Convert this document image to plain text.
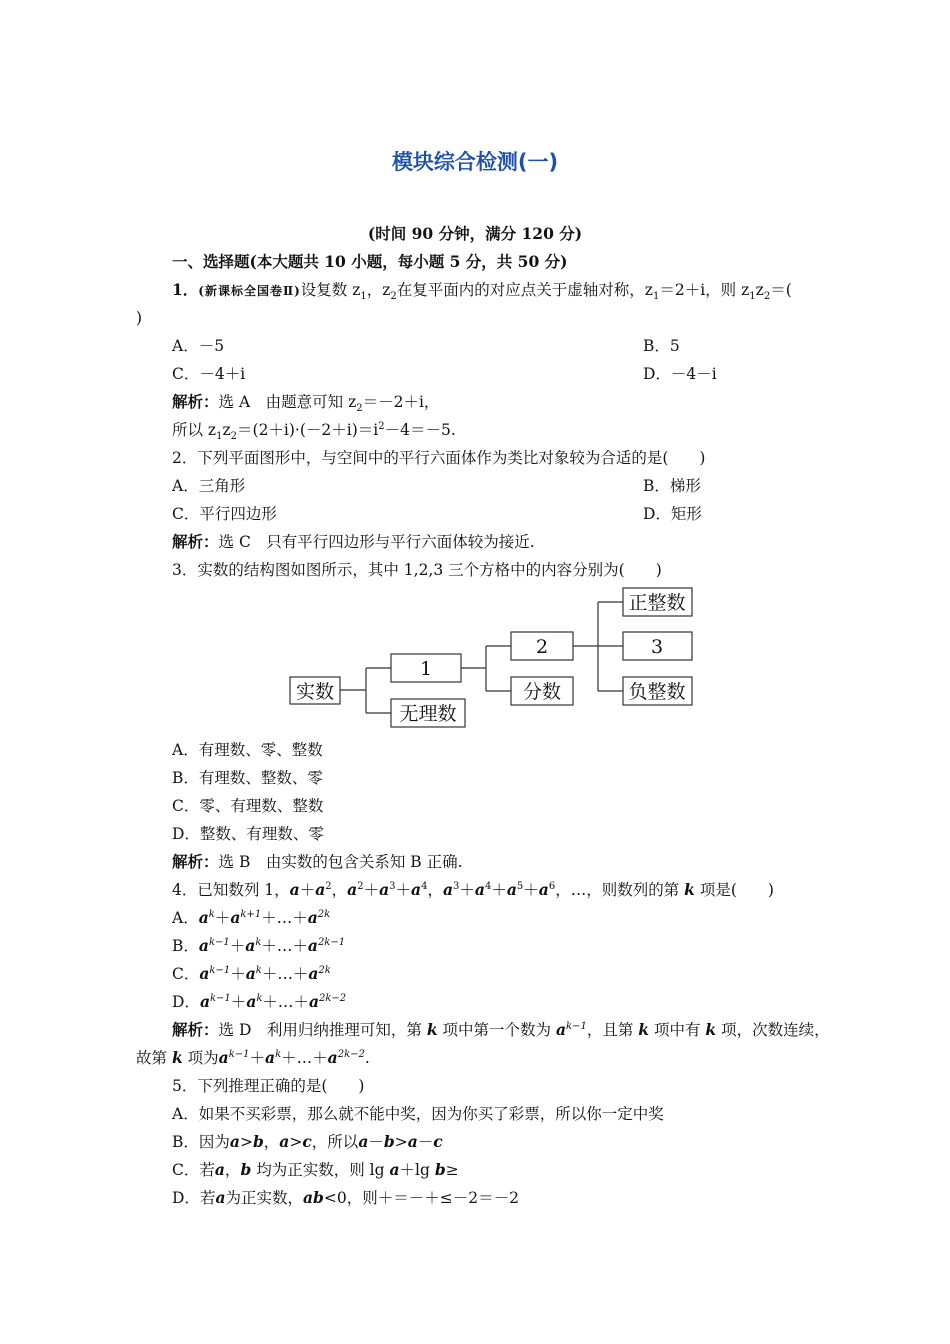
模块综合检测(一)
(时间 90 分钟，满分 120 分)
一、选择题(本大题共 10 小题，每小题 5 分，共 50 分)
1．(新课标全国卷Ⅱ)设复数 $z_1$，$z_2$在复平面内的对应点关于虚轴对称，$z_1=2+i$，则 $z_1z_2=$(
)
A．－5	B．5
C．－4＋i	D．－4－i
解析：选 A　由题意可知 $z_2=-2+i$，
所以 $z_1z_2=(2+i)\cdot(-2+i)=i^2-4=-5$.
2．下列平面图形中，与空间中的平行六面体作为类比对象较为合适的是(　　)
A．三角形	B．梯形
C．平行四边形	D．矩形
解析：选 C　只有平行四边形与平行六面体较为接近.
3．实数的结构图如图所示，其中 1,2,3 三个方格中的内容分别为(　　)
实数
1
无理数
2
分数
正整数
3
负整数
A．有理数、零、整数
B．有理数、整数、零
C．零、有理数、整数
D．整数、有理数、零
解析：选 B　由实数的包含关系知 B 正确.
4．已知数列 1，$a+a^2$，$a^2+a^3+a^4$，$a^3+a^4+a^5+a^6$，…，则数列的第 k 项是(　　)
A．$a^k+a^{k+1}+\dots+a^{2k}$
B．$a^{k-1}+a^k+\dots+a^{2k-1}$
C．$a^{k-1}+a^k+\dots+a^{2k}$
D．$a^{k-1}+a^k+\dots+a^{2k-2}$
解析：选 D　利用归纳推理可知，第 k 项中第一个数为 $a^{k-1}$，且第 k 项中有 k 项，次数连续，
故第 k 项为$a^{k-1}+a^k+\dots+a^{2k-2}$.
5．下列推理正确的是(　　)
A．如果不买彩票，那么就不能中奖，因为你买了彩票，所以你一定中奖
B．因为a>b，a>c，所以a－b>a－c
C．若a，b 均为正实数，则 lg a＋lg b≥
D．若a为正实数，ab<0，则＋＝－＋≤－2＝－2
